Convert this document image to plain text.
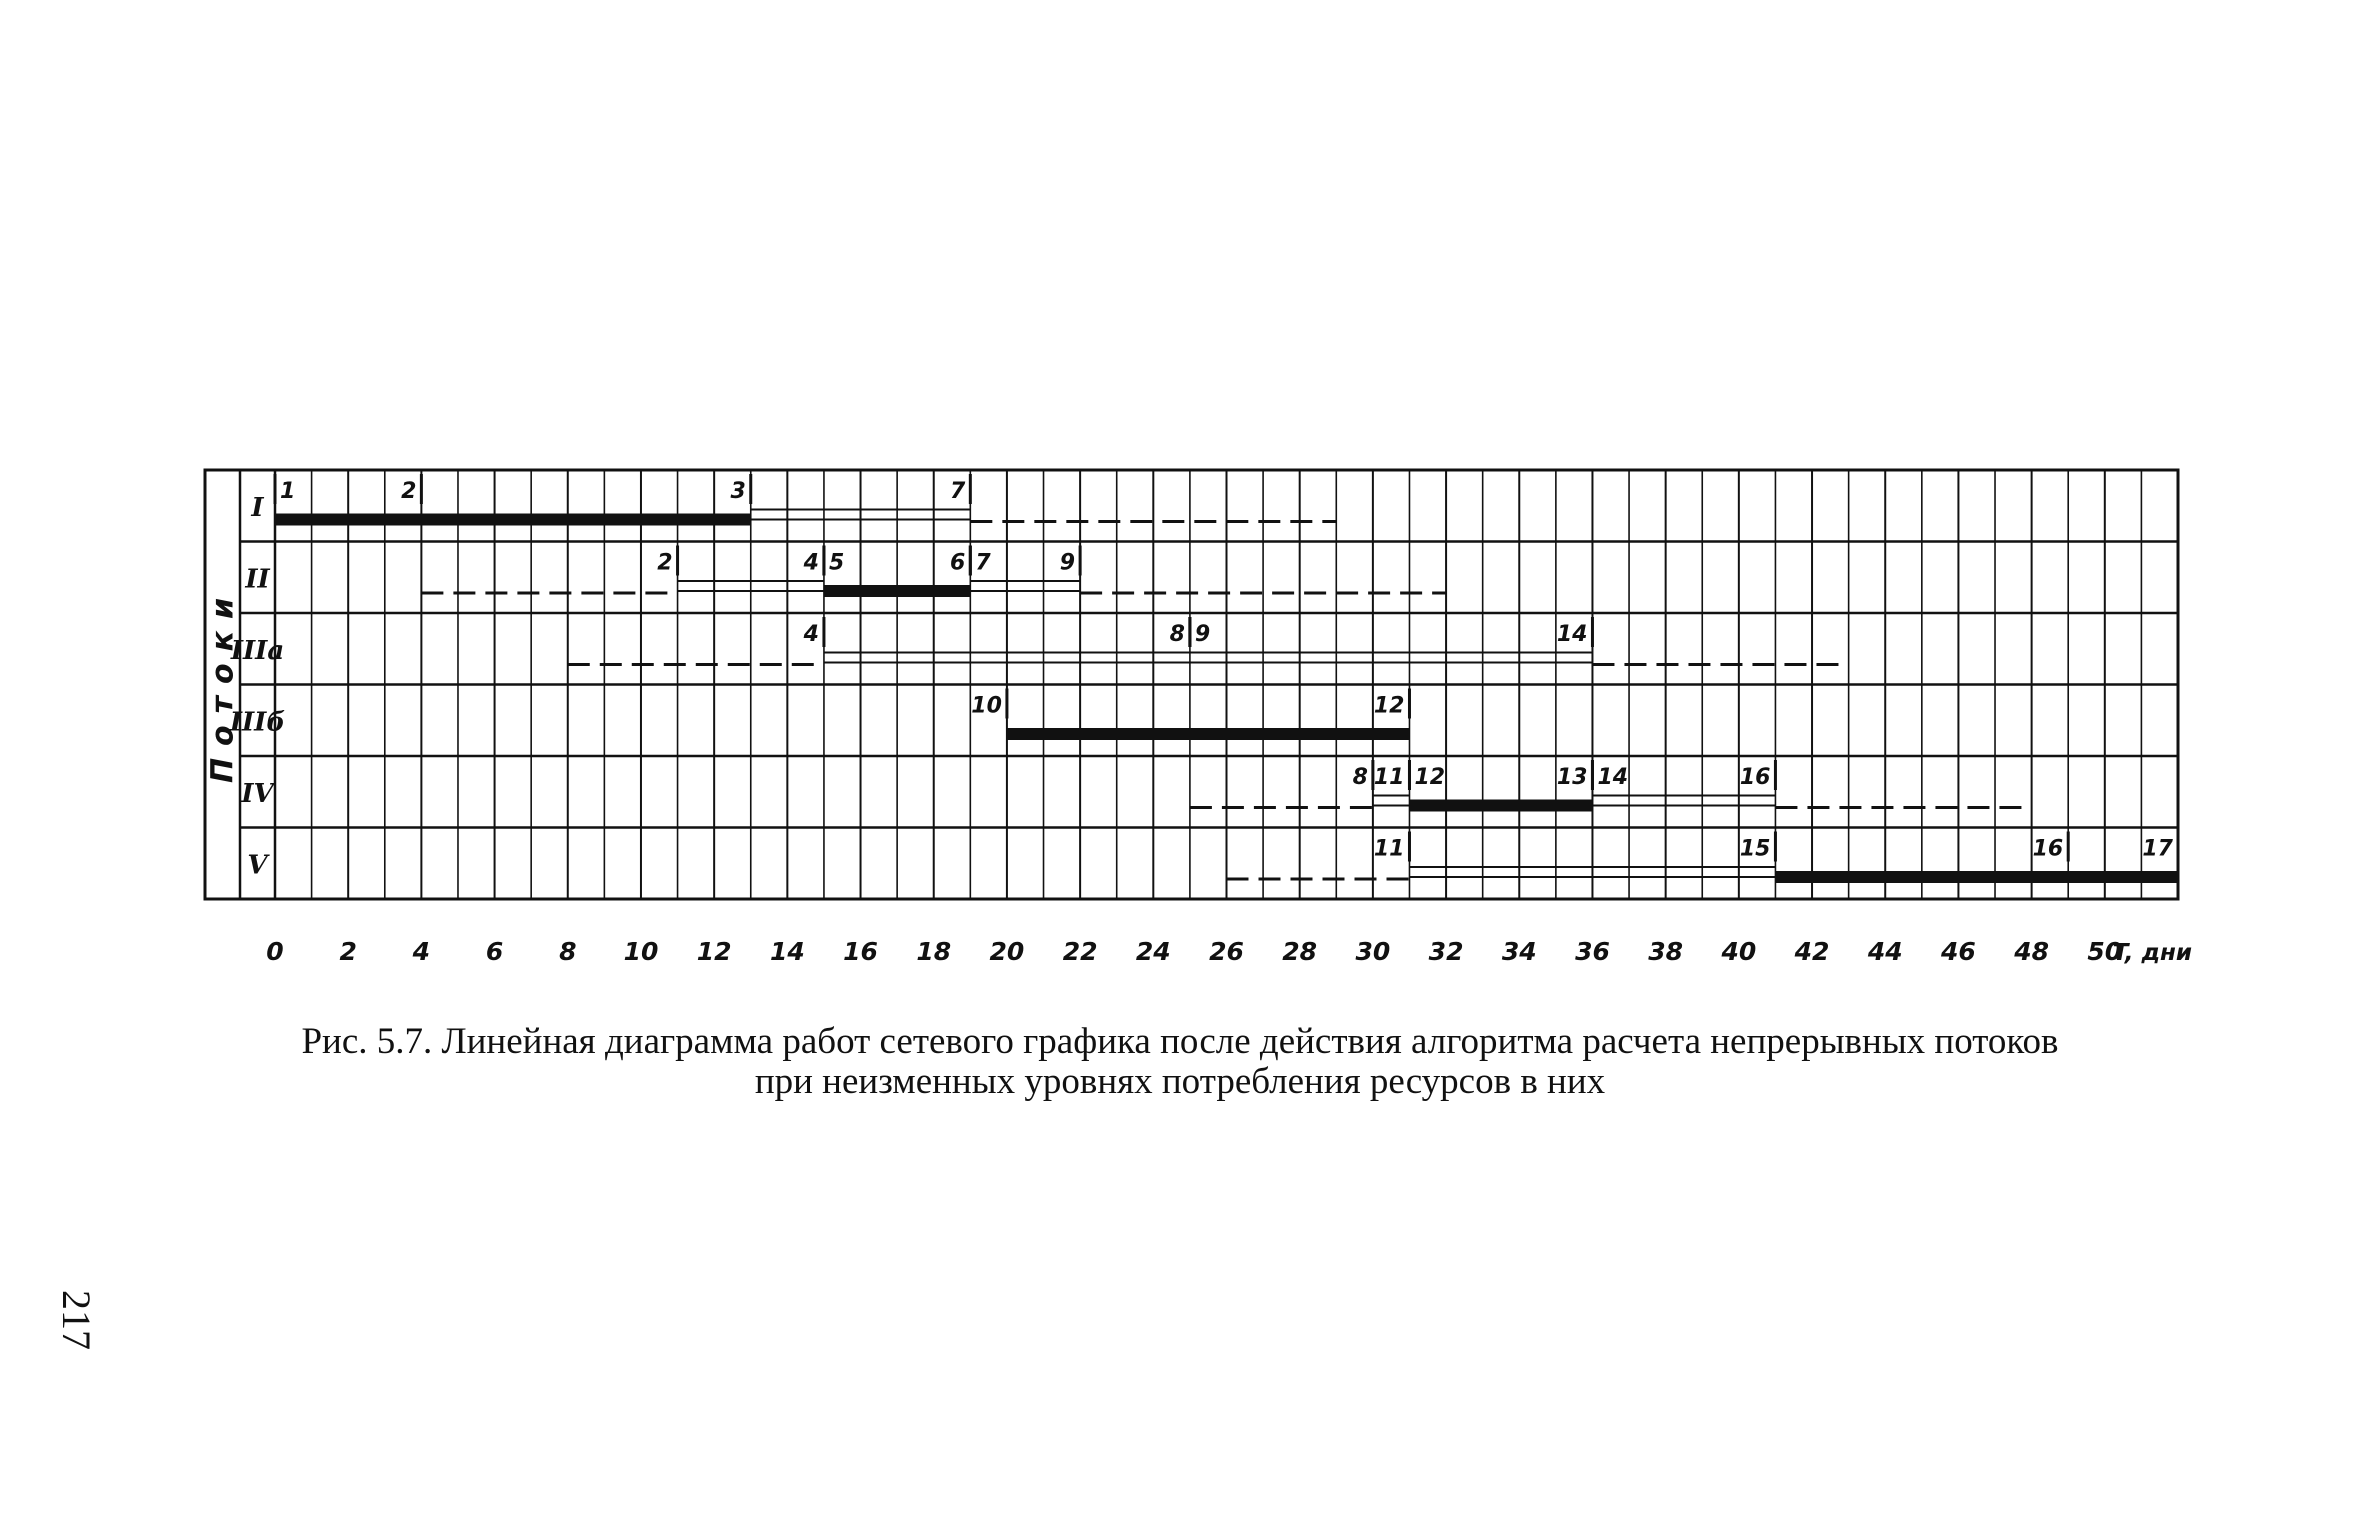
I
II
IIIa
IIIб
IV
V
Потоки
1	2	3	7
2	4 5	6 7	9
4	8 9	14
10	12
8 11 12	13 14	16
11	15	16	17
0 2 4 6 8 10 12 14 16 18 20 22 24 26 28 30 32 34 36 38 40 42 44 46 48 50
T, дни
Рис. 5.7. Линейная диаграмма работ сетевого графика после действия алгоритма расчета непрерывных потоков
при неизменных уровнях потребления ресурсов в них
217
